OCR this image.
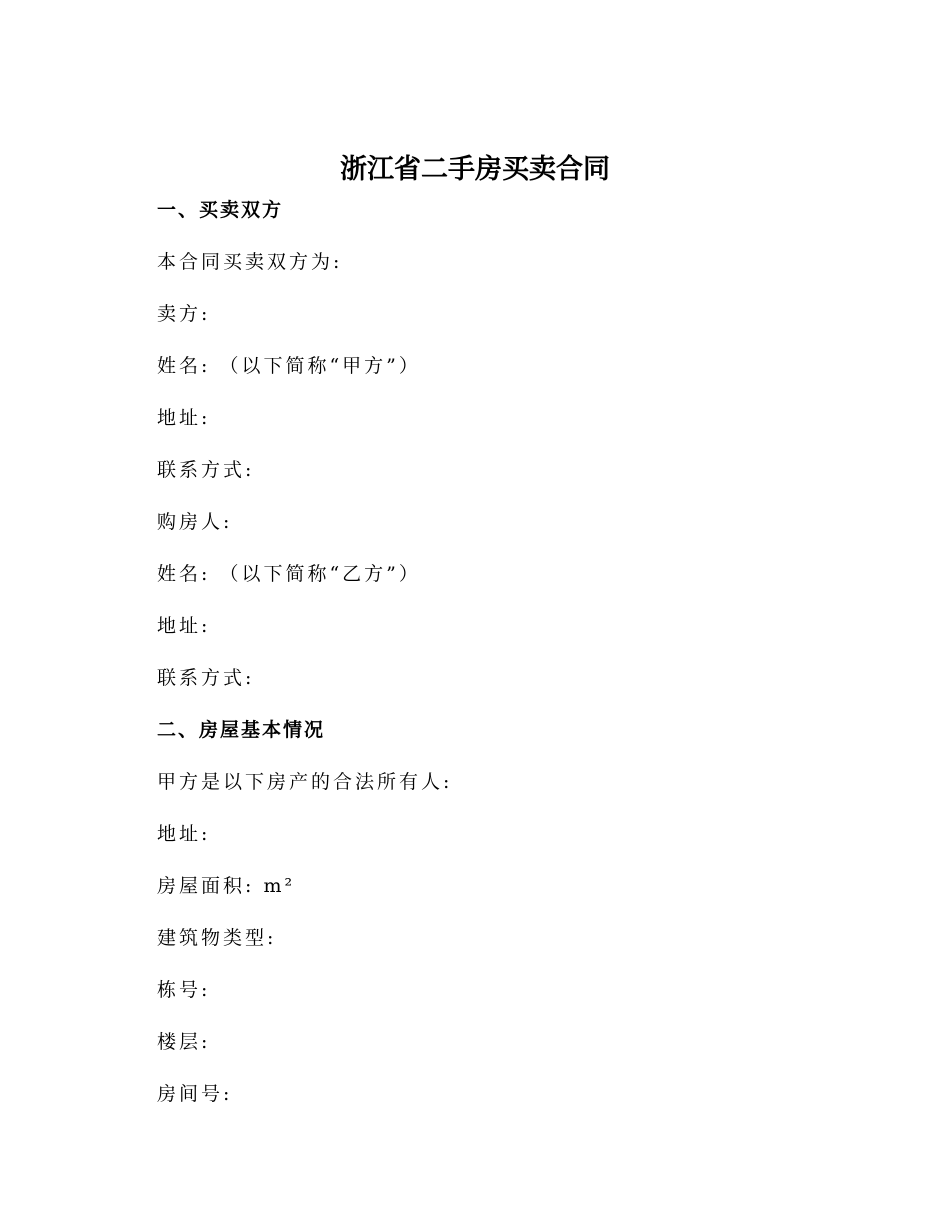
浙江省二手房买卖合同
一、买卖双方
本合同买卖双方为:
卖方:
姓名: （以下简称“甲方”）
地址:
联系方式:
购房人:
姓名: （以下简称“乙方”）
地址:
联系方式:
二、房屋基本情况
甲方是以下房产的合法所有人:
地址:
房屋面积: m²
建筑物类型:
栋号:
楼层:
房间号:
